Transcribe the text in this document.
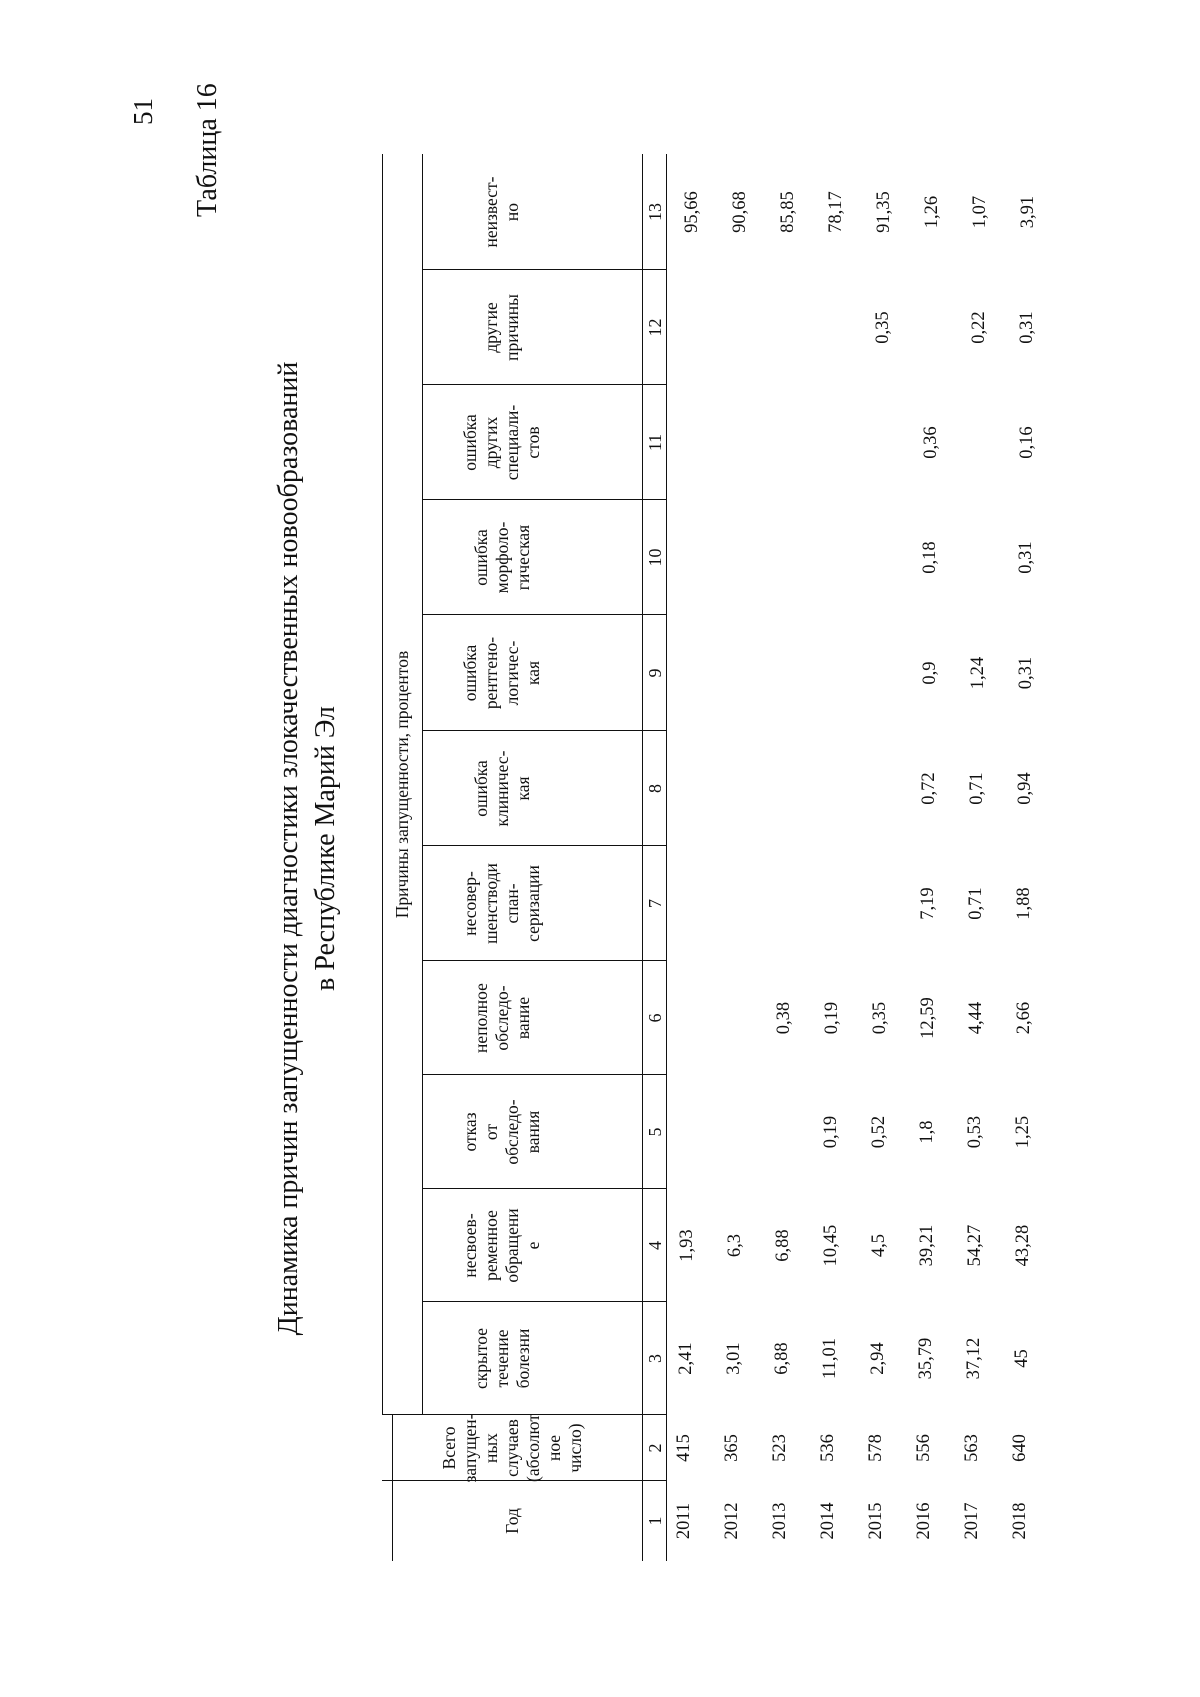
51 Таблица 16
Динамика причин запущенности диагностики злокачественных новообразований в Республике Марий Эл
Год
Всего запущен- ных случаев (абсолют ное число)
Причины запущенности, процентов
скрытое течение болезни
несвоев- ременное обращени е
отказ от обследо- вания
неполное обследо- вание
несовер- шенстводи спан- серизации
ошибка клиничес- кая
ошибка рентгено- логичес- кая
ошибка морфоло- гическая
ошибка других специали- стов
другие причины
неизвест- но
1
2
3
4
5
6
7
8
9
10
11
12
13
2011
415
2,41
1,93
95,66
2012
365
3,01
6,3
90,68
2013
523
6,88
6,88
0,38
85,85
2014
536
11,01
10,45
0,19
0,19
78,17
2015
578
2,94
4,5
0,52
0,35
0,35
91,35
2016
556
35,79
39,21
1,8
12,59
7,19
0,72
0,9
0,18
0,36
1,26
2017
563
37,12
54,27
0,53
4,44
0,71
0,71
1,24
0,22
1,07
2018
640
45
43,28
1,25
2,66
1,88
0,94
0,31
0,31
0,16
0,31
3,91
